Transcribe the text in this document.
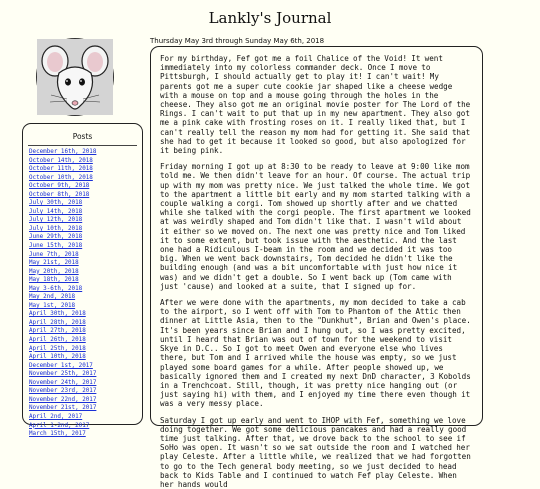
Lankly's Journal
Posts
December 16th, 2018
October 14th, 2018
October 11th, 2018
October 10th, 2018
October 9th, 2018
October 8th, 2018
July 30th, 2018
July 14th, 2018
July 12th, 2018
July 10th, 2018
June 29th, 2018
June 15th, 2018
June 7th, 2018
May 21st, 2018
May 20th, 2018
May 18th, 2018
May 3-6th, 2018
May 2nd, 2018
May 1st, 2018
April 30th, 2018
April 28th, 2018
April 27th, 2018
April 26th, 2018
April 25th, 2018
April 10th, 2018
December 1st, 2017
November 25th, 2017
November 24th, 2017
November 23rd, 2017
November 22nd, 2017
November 21st, 2017
April 2nd, 2017
April 1-2nd, 2017
March 15th, 2017
Thursday May 3rd through Sunday May 6th, 2018

For my birthday, Fef got me a foil Chalice of the Void! It went immediately into my colorless commander deck. Once I move to Pittsburgh, I should actually get to play it! I can't wait! My parents got me a super cute cookie jar shaped like a cheese wedge with a mouse on top and a mouse going through the holes in the cheese. They also got me an original movie poster for The Lord of the Rings. I can't wait to put that up in my new apartment. They also got me a pink cake with frosting roses on it. I really liked that, but I can't really tell the reason my mom had for getting it. She said that she had to get it because it looked so good, but also apologized for it being pink.

Friday morning I got up at 8:30 to be ready to leave at 9:00 like mom told me. We then didn't leave for an hour. Of course. The actual trip up with my mom was pretty nice. We just talked the whole time. We got to the apartment a little bit early and my mom started talking with a couple walking a corgi. Tom showed up shortly after and we chatted while she talked with the corgi people. The first apartment we looked at was weirdly shaped and Tom didn't like that. I wasn't wild about it either so we moved on. The next one was pretty nice and Tom liked it to some extent, but took issue with the aesthetic. And the last one had a Ridiculous I-beam in the room and we decided it was too big. When we went back downstairs, Tom decided he didn't like the building enough (and was a bit uncomfortable with just how nice it was) and we didn't get a double. So I went back up (Tom came with just 'cause) and looked at a suite, that I signed up for.

After we were done with the apartments, my mom decided to take a cab to the airport, so I went off with Tom to Phantom of the Attic then dinner at Little Asia, then to the "Dunkhut", Brian and Owen's place. It's been years since Brian and I hung out, so I was pretty excited, until I heard that Brian was out of town for the weekend to visit Skye in D.C.. So I got to meet Owen and everyone else who lives there, but Tom and I arrived while the house was empty, so we just played some board games for a while. After people showed up, we basically ignored them and I created my next DnD character, 3 Kobolds in a Trenchcoat. Still, though, it was pretty nice hanging out (or just saying hi) with them, and I enjoyed my time there even though it was a very messy place.

Saturday I got up early and went to IHOP with Fef, something we love doing together. We got some delicious pancakes and had a really good time just talking. After that, we drove back to the school to see if SoHo was open. It wasn't so we sat outside the room and I watched her play Celeste. After a little while, we realized that we had forgotten to go to the Tech general body meeting, so we just decided to head back to Kids Table and I continued to watch Fef play Celeste. When her hands would
